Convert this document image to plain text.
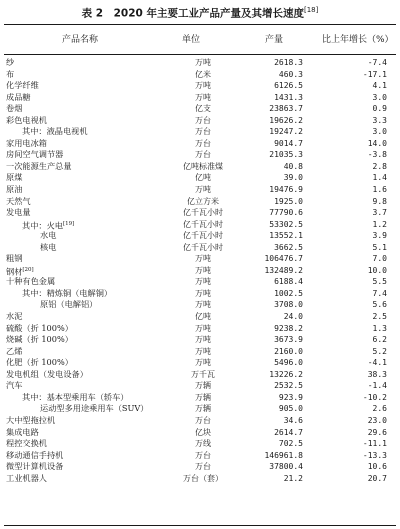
表 2　2020 年主要工业产品产量及其增长速度[18]
产品名称	单位	产量	比上年增长（%）
纱	万吨	2618.3	-7.4
布	亿米	460.3	-17.1
化学纤维	万吨	6126.5	4.1
成品糖	万吨	1431.3	3.0
卷烟	亿支	23863.7	0.9
彩色电视机	万台	19626.2	3.3
其中：液晶电视机	万台	19247.2	3.0
家用电冰箱	万台	9014.7	14.0
房间空气调节器	万台	21035.3	-3.8
一次能源生产总量	亿吨标准煤	40.8	2.8
原煤	亿吨	39.0	1.4
原油	万吨	19476.9	1.6
天然气	亿立方米	1925.0	9.8
发电量	亿千瓦小时	77790.6	3.7
其中：火电[19]	亿千瓦小时	53302.5	1.2
水电	亿千瓦小时	13552.1	3.9
核电	亿千瓦小时	3662.5	5.1
粗钢	万吨	106476.7	7.0
钢材[20]	万吨	132489.2	10.0
十种有色金属	万吨	6188.4	5.5
其中：精炼铜（电解铜）	万吨	1002.5	7.4
原铝（电解铝）	万吨	3708.0	5.6
水泥	亿吨	24.0	2.5
硫酸（折 100%）	万吨	9238.2	1.3
烧碱（折 100%）	万吨	3673.9	6.2
乙烯	万吨	2160.0	5.2
化肥（折 100%）	万吨	5496.0	-4.1
发电机组（发电设备）	万千瓦	13226.2	38.3
汽车	万辆	2532.5	-1.4
其中：基本型乘用车（轿车）	万辆	923.9	-10.2
运动型多用途乘用车（SUV）	万辆	905.0	2.6
大中型拖拉机	万台	34.6	23.0
集成电路	亿块	2614.7	29.6
程控交换机	万线	702.5	-11.1
移动通信手持机	万台	146961.8	-13.3
微型计算机设备	万台	37800.4	10.6
工业机器人	万台（套）	21.2	20.7
